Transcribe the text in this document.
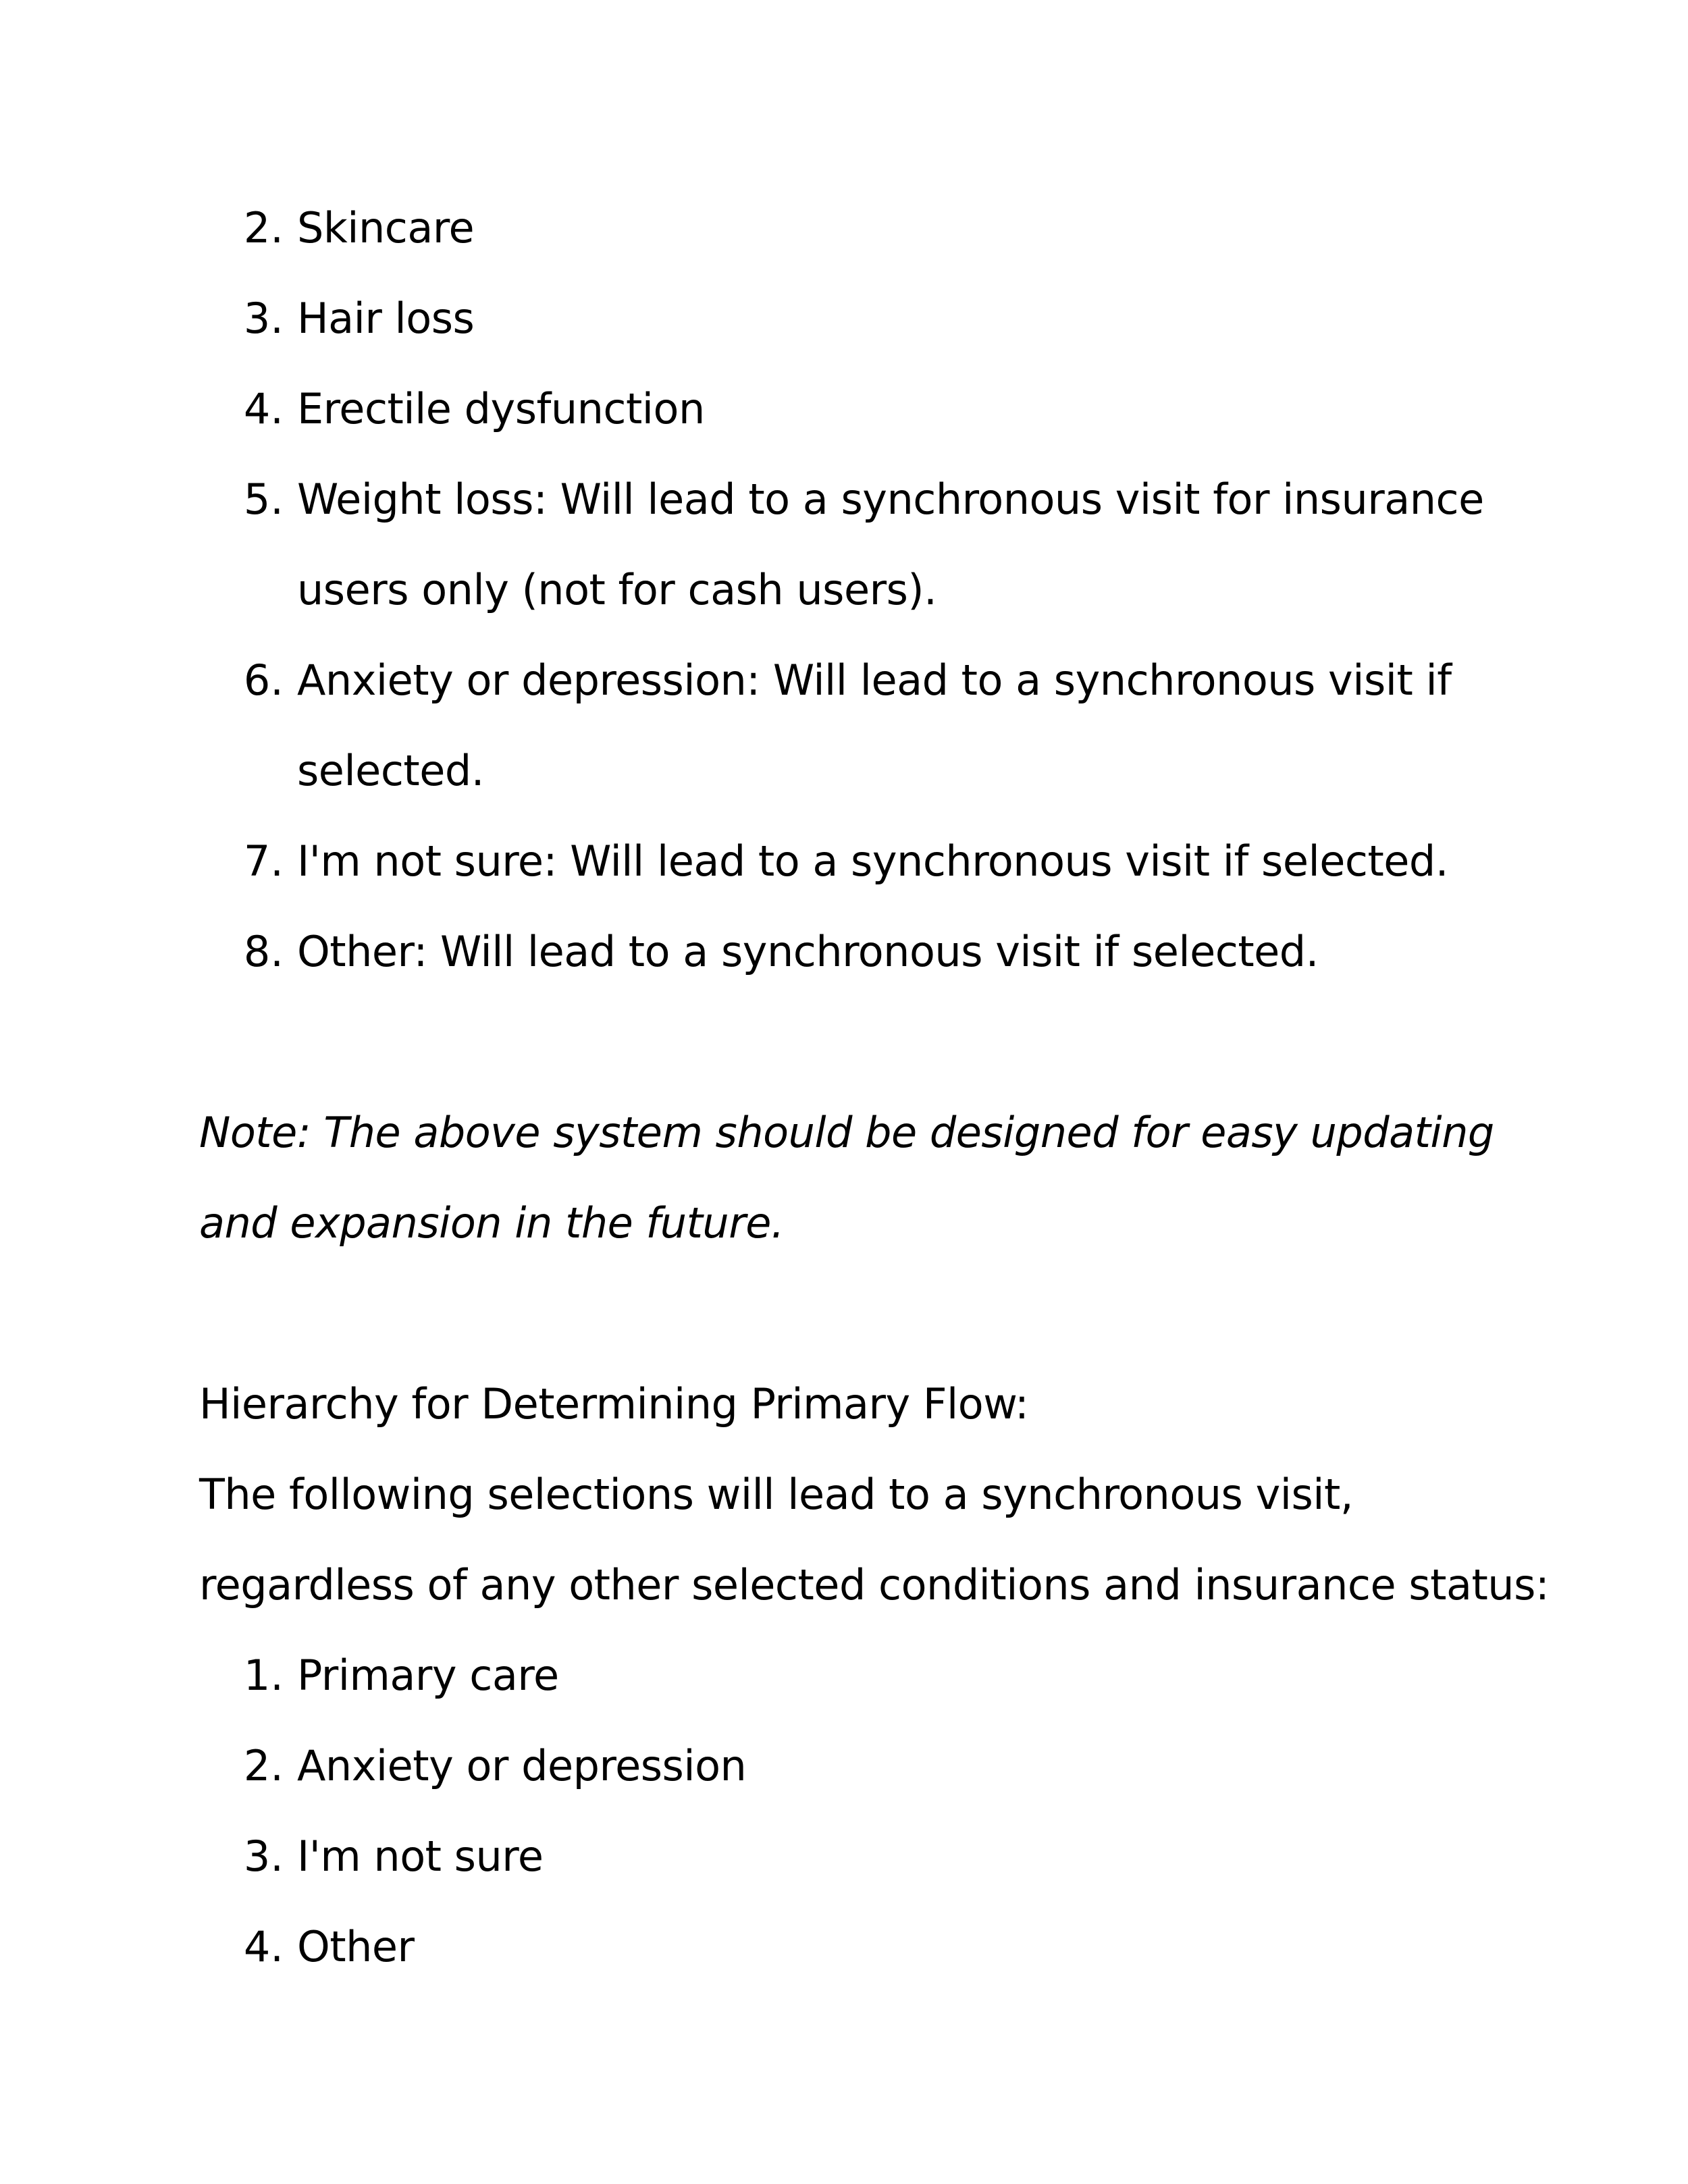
2. Skincare
3. Hair loss
4. Erectile dysfunction
5. Weight loss: Will lead to a synchronous visit for insurance
users only (not for cash users).
6. Anxiety or depression: Will lead to a synchronous visit if
selected.
7. I'm not sure: Will lead to a synchronous visit if selected.
8. Other: Will lead to a synchronous visit if selected.
Note: The above system should be designed for easy updating
and expansion in the future.
Hierarchy for Determining Primary Flow:
The following selections will lead to a synchronous visit,
regardless of any other selected conditions and insurance status:
1. Primary care
2. Anxiety or depression
3. I'm not sure
4. Other
